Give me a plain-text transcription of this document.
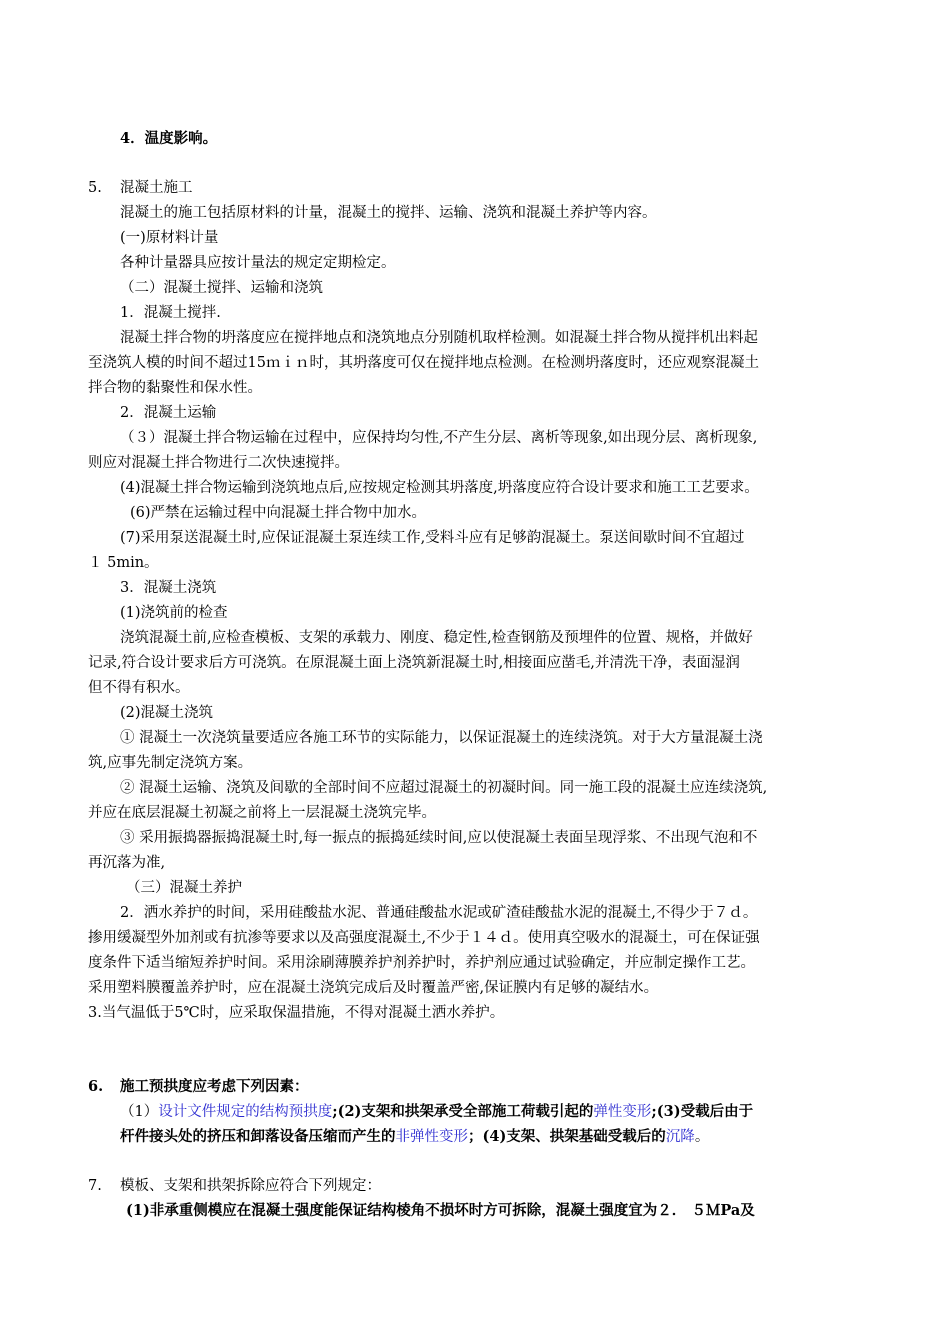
4．温度影响。
5. 混凝土施工
混凝土的施工包括原材料的计量，混凝土的搅拌、运输、浇筑和混凝土养护等内容。
(一)原材料计量
各种计量器具应按计量法的规定定期检定。
（二）混凝土搅拌、运输和浇筑
1．混凝土搅拌.
混凝土拌合物的坍落度应在搅拌地点和浇筑地点分别随机取样检测。如混凝土拌合物从搅拌机出料起
至浇筑人模的时间不超过15ｍｉｎ时，其坍落度可仅在搅拌地点检测。在检测坍落度时，还应观察混凝土
拌合物的黏聚性和保水性。
2．混凝土运输
（３）混凝土拌合物运输在过程中，应保持均匀性,不产生分层、离析等现象,如出现分层、离析现象,
则应对混凝土拌合物进行二次快速搅拌。
(4)混凝土拌合物运输到浇筑地点后,应按规定检测其坍落度,坍落度应符合设计要求和施工工艺要求。
(6)严禁在运输过程中向混凝土拌合物中加水。
(7)采用泵送混凝土时,应保证混凝土泵连续工作,受料斗应有足够韵混凝土。泵送间歇时间不宜超过
１ 5min。
3．混凝土浇筑
(1)浇筑前的检查
浇筑混凝土前,应检查模板、支架的承载力、刚度、稳定性,检查钢筋及预埋件的位置、规格，并做好
记录,符合设计要求后方可浇筑。在原混凝土面上浇筑新混凝土时,相接面应凿毛,并清洗干净，表面湿润
但不得有积水。
(2)混凝土浇筑
① 混凝土一次浇筑量要适应各施工环节的实际能力，以保证混凝土的连续浇筑。对于大方量混凝土浇
筑,应事先制定浇筑方案。
② 混凝土运输、浇筑及间歇的全部时间不应超过混凝土的初凝时间。同一施工段的混凝土应连续浇筑,
并应在底层混凝土初凝之前将上一层混凝土浇筑完毕。
③ 采用振捣器振捣混凝土时,每一振点的振捣延续时间,应以使混凝土表面呈现浮浆、不出现气泡和不
再沉落为准,
（三）混凝土养护
2．洒水养护的时间，采用硅酸盐水泥、普通硅酸盐水泥或矿渣硅酸盐水泥的混凝土,不得少于７ｄ。
掺用缓凝型外加剂或有抗渗等要求以及高强度混凝土,不少于１４ｄ。使用真空吸水的混凝土，可在保证强
度条件下适当缩短养护时间。采用涂刷薄膜养护剂养护时，养护剂应通过试验确定，并应制定操作工艺。
采用塑料膜覆盖养护时，应在混凝土浇筑完成后及时覆盖严密,保证膜内有足够的凝结水。
3.当气温低于5℃时，应采取保温措施，不得对混凝土洒水养护。
6. 施工预拱度应考虑下列因素：
（1）设计文件规定的结构预拱度;(2)支架和拱架承受全部施工荷载引起的弹性变形;(3)受载后由于
杆件接头处的挤压和卸落设备压缩而产生的非弹性变形；(4)支架、拱架基础受载后的沉降。
7. 模板、支架和拱架拆除应符合下列规定：
(1)非承重侧模应在混凝土强度能保证结构棱角不损坏时方可拆除，混凝土强度宜为２． ５ＭPa及
